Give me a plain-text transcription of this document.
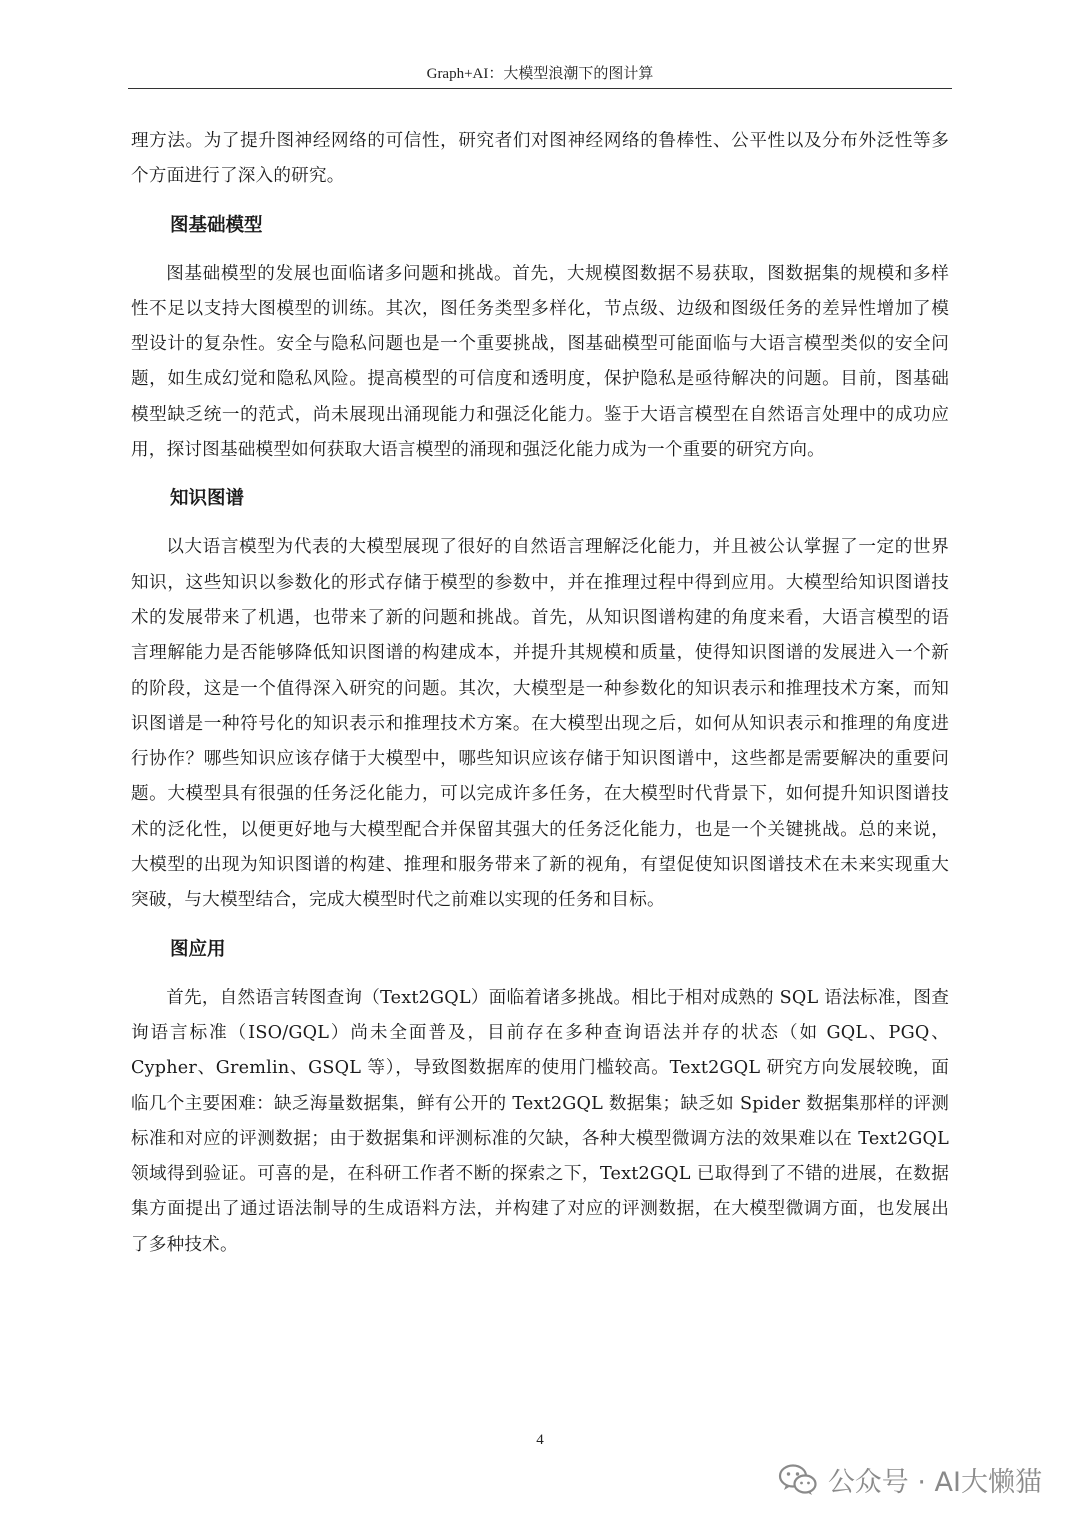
Graph+AI：大模型浪潮下的图计算

理方法。为了提升图神经网络的可信性，研究者们对图神经网络的鲁棒性、公平性以及分布外泛性等多个方面进行了深入的研究。

图基础模型

图基础模型的发展也面临诸多问题和挑战。首先，大规模图数据不易获取，图数据集的规模和多样性不足以支持大图模型的训练。其次，图任务类型多样化，节点级、边级和图级任务的差异性增加了模型设计的复杂性。安全与隐私问题也是一个重要挑战，图基础模型可能面临与大语言模型类似的安全问题，如生成幻觉和隐私风险。提高模型的可信度和透明度，保护隐私是亟待解决的问题。目前，图基础模型缺乏统一的范式，尚未展现出涌现能力和强泛化能力。鉴于大语言模型在自然语言处理中的成功应用，探讨图基础模型如何获取大语言模型的涌现和强泛化能力成为一个重要的研究方向。

知识图谱

以大语言模型为代表的大模型展现了很好的自然语言理解泛化能力，并且被公认掌握了一定的世界知识，这些知识以参数化的形式存储于模型的参数中，并在推理过程中得到应用。大模型给知识图谱技术的发展带来了机遇，也带来了新的问题和挑战。首先，从知识图谱构建的角度来看，大语言模型的语言理解能力是否能够降低知识图谱的构建成本，并提升其规模和质量，使得知识图谱的发展进入一个新的阶段，这是一个值得深入研究的问题。其次，大模型是一种参数化的知识表示和推理技术方案，而知识图谱是一种符号化的知识表示和推理技术方案。在大模型出现之后，如何从知识表示和推理的角度进行协作？哪些知识应该存储于大模型中，哪些知识应该存储于知识图谱中，这些都是需要解决的重要问题。大模型具有很强的任务泛化能力，可以完成许多任务，在大模型时代背景下，如何提升知识图谱技术的泛化性，以便更好地与大模型配合并保留其强大的任务泛化能力，也是一个关键挑战。总的来说，大模型的出现为知识图谱的构建、推理和服务带来了新的视角，有望促使知识图谱技术在未来实现重大突破，与大模型结合，完成大模型时代之前难以实现的任务和目标。

图应用

首先，自然语言转图查询（Text2GQL）面临着诸多挑战。相比于相对成熟的 SQL 语法标准，图查询语言标准（ISO/GQL）尚未全面普及，目前存在多种查询语法并存的状态（如 GQL、PGQ、Cypher、Gremlin、GSQL 等），导致图数据库的使用门槛较高。Text2GQL 研究方向发展较晚，面临几个主要困难：缺乏海量数据集，鲜有公开的 Text2GQL 数据集；缺乏如 Spider 数据集那样的评测标准和对应的评测数据；由于数据集和评测标准的欠缺，各种大模型微调方法的效果难以在 Text2GQL 领域得到验证。可喜的是，在科研工作者不断的探索之下，Text2GQL 已取得到了不错的进展，在数据集方面提出了通过语法制导的生成语料方法，并构建了对应的评测数据，在大模型微调方面，也发展出了多种技术。

4
公众号 · AI大懒猫
